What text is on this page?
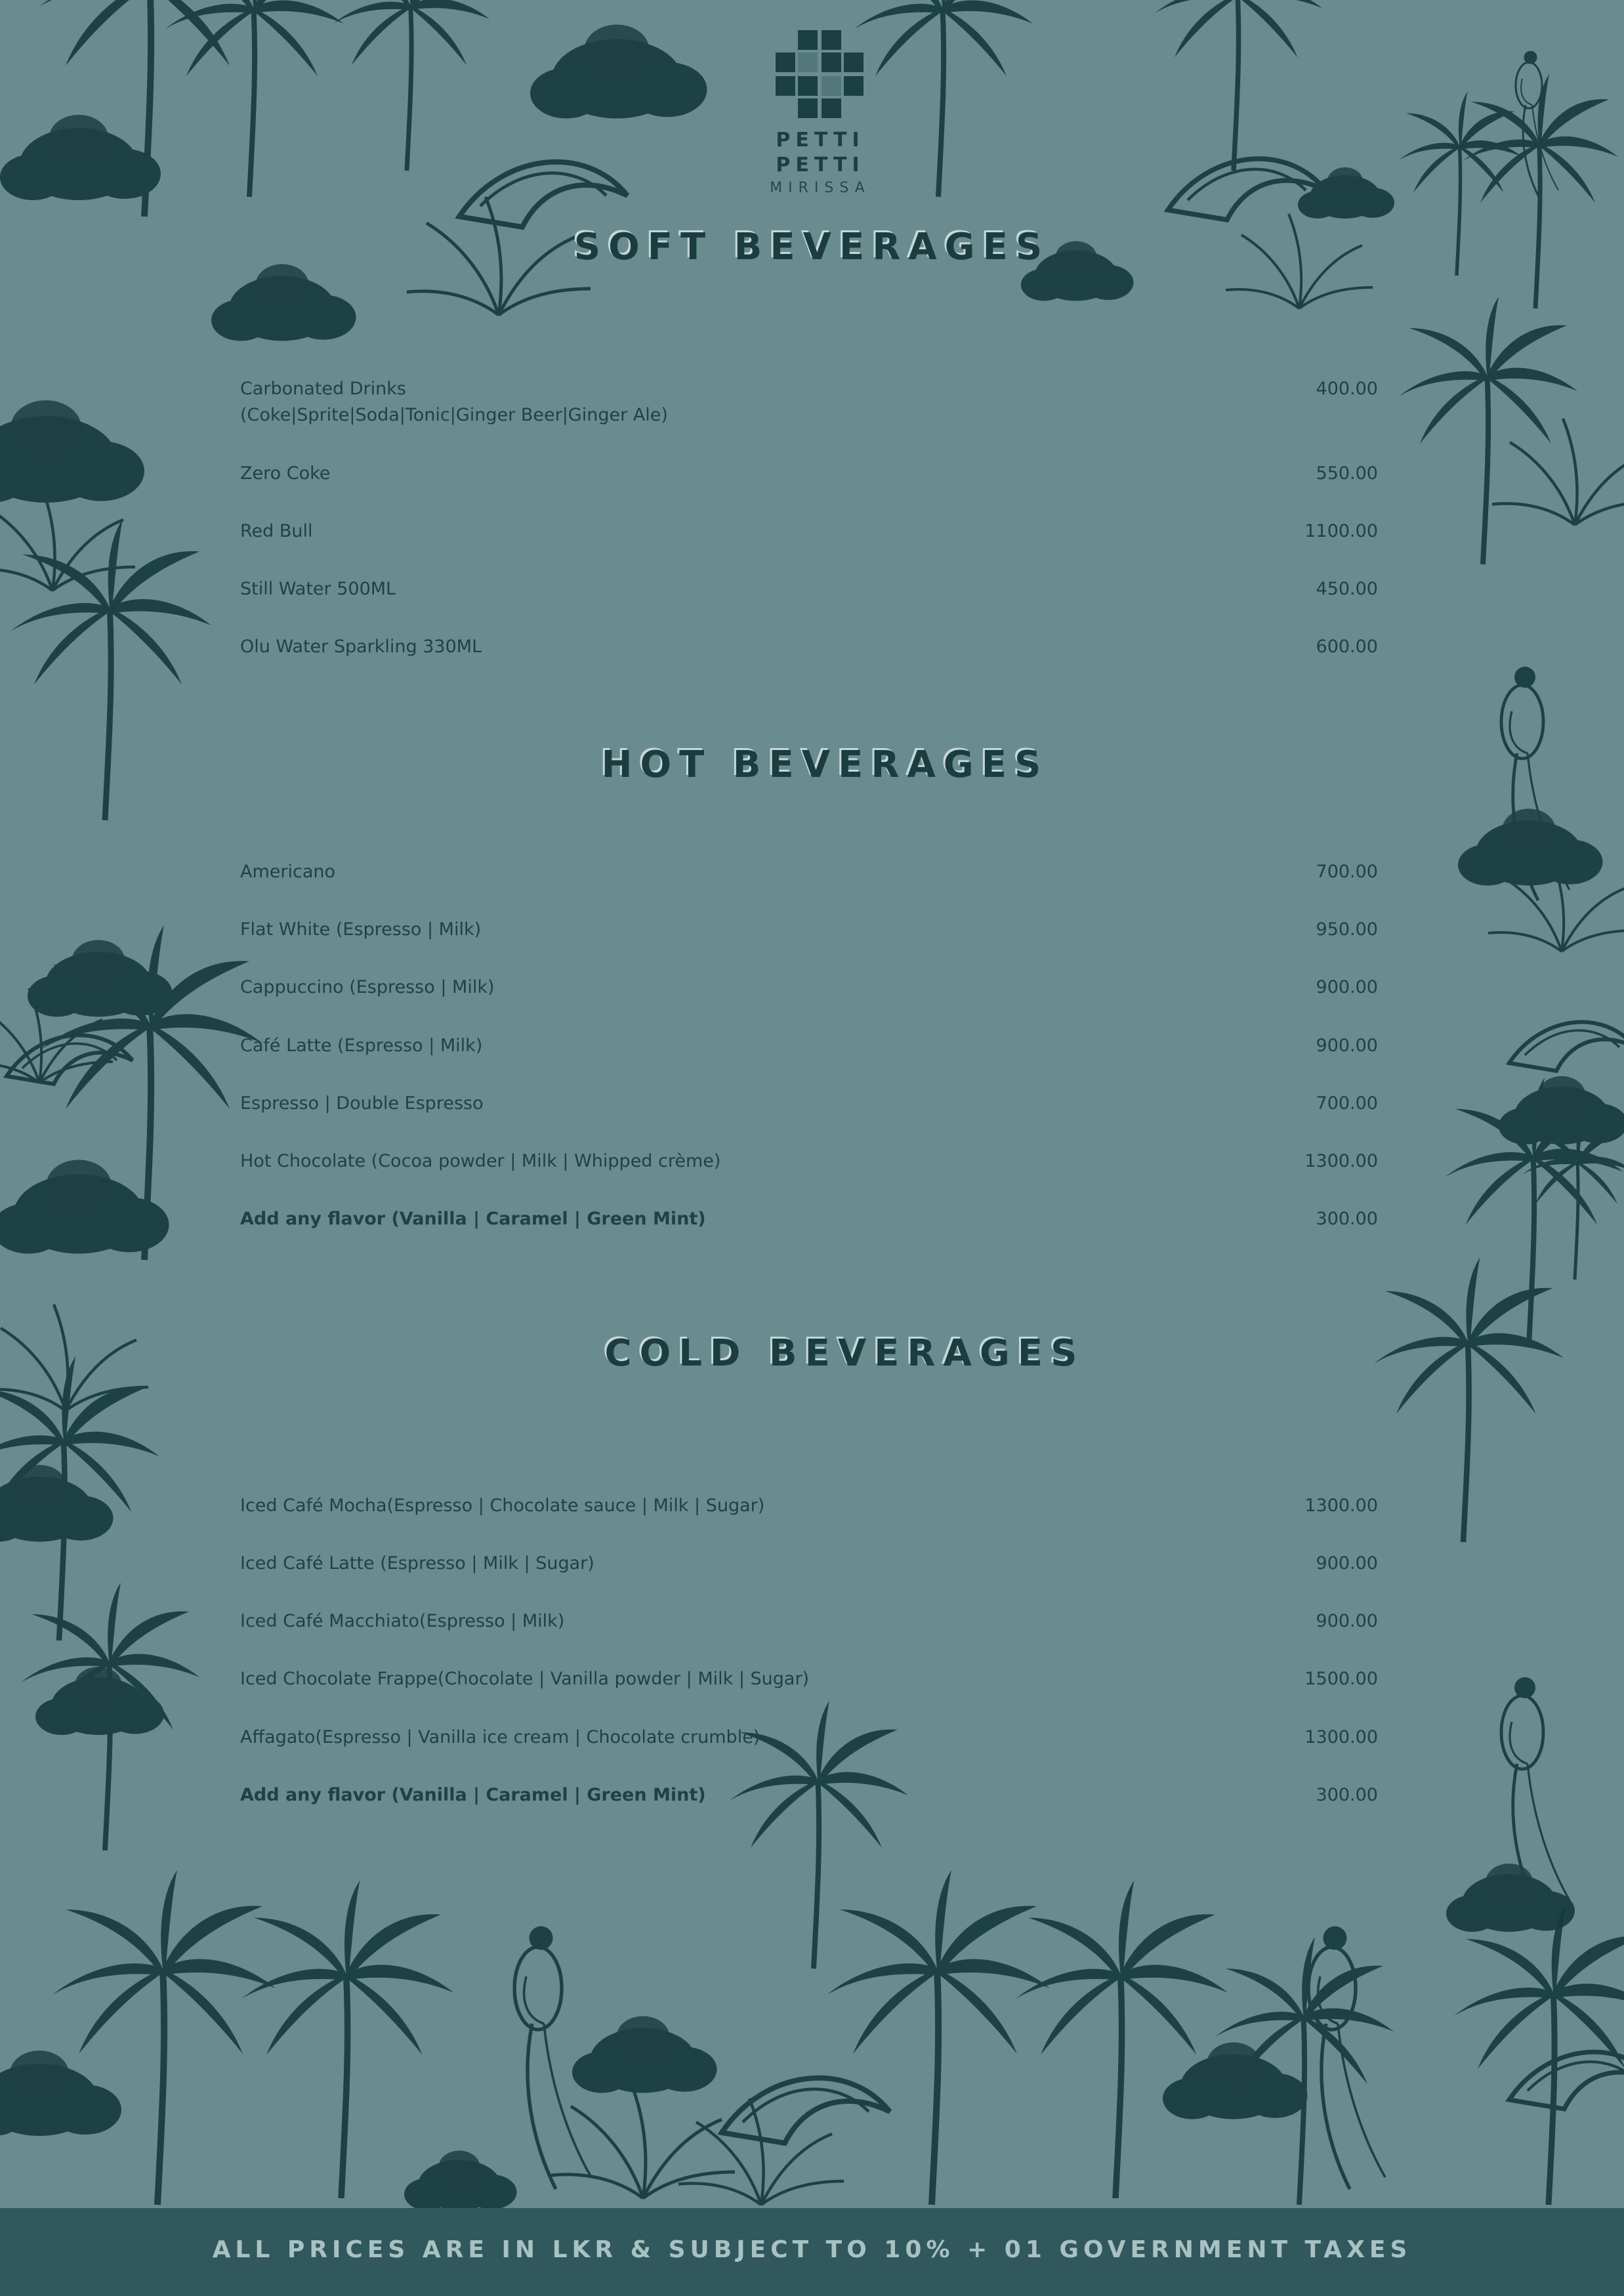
PETTI
PETTI
MIRISSA
SOFT BEVERAGES
Carbonated Drinks
(Coke|Sprite|Soda|Tonic|Ginger Beer|Ginger Ale)
400.00
Zero Coke	550.00
Red Bull	1100.00
Still Water 500ML	450.00
Olu Water Sparkling 330ML	600.00
HOT BEVERAGES
Americano	700.00
Flat White (Espresso | Milk)	950.00
Cappuccino (Espresso | Milk)	900.00
Café Latte (Espresso | Milk)	900.00
Espresso | Double Espresso	700.00
Hot Chocolate (Cocoa powder | Milk | Whipped crème)	1300.00
Add any flavor (Vanilla | Caramel | Green Mint)	300.00
COLD BEVERAGES
Iced Café Mocha(Espresso | Chocolate sauce | Milk | Sugar)	1300.00
Iced Café Latte (Espresso | Milk | Sugar)	900.00
Iced Café Macchiato(Espresso | Milk)	900.00
Iced Chocolate Frappe(Chocolate | Vanilla powder | Milk | Sugar)	1500.00
Affagato(Espresso | Vanilla ice cream | Chocolate crumble)	1300.00
Add any flavor (Vanilla | Caramel | Green Mint)	300.00
ALL PRICES ARE IN LKR & SUBJECT TO 10% + 01 GOVERNMENT TAXES
